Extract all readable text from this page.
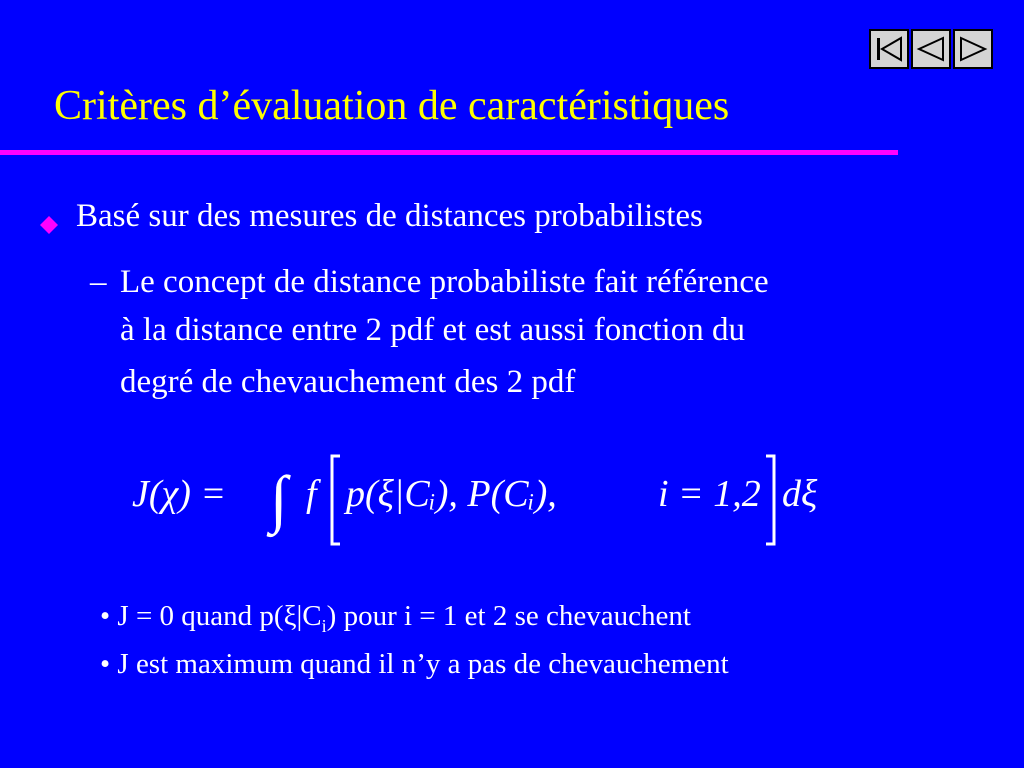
Critères d’évaluation de caractéristiques
Basé sur des mesures de distances probabilistes
– Le concept de distance probabiliste fait référence
à la distance entre 2 pdf et est aussi fonction du
degré de chevauchement des 2 pdf
J(χ) = ∫ f p(ξ|Cᵢ), P(Cᵢ),	i = 1,2 dξ
• J = 0 quand $p(\xi|C_i)$ pour i = 1 et 2 se chevauchent
• J est maximum quand il n’y a pas de chevauchement
